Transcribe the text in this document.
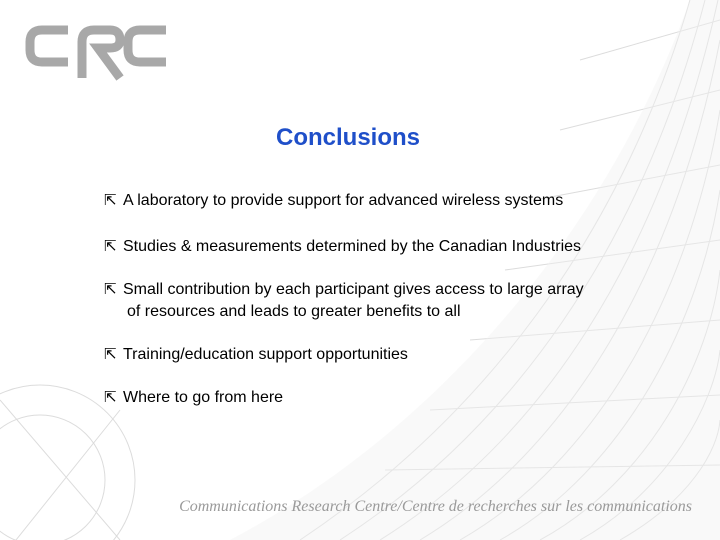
Conclusions
⇱ A laboratory to provide support for advanced wireless systems
⇱ Studies & measurements determined by the Canadian Industries
⇱ Small contribution by each participant gives access to large array
of resources and leads to greater benefits to all
⇱ Training/education support opportunities
⇱ Where to go from here
Communications Research Centre/Centre de recherches sur les communications
